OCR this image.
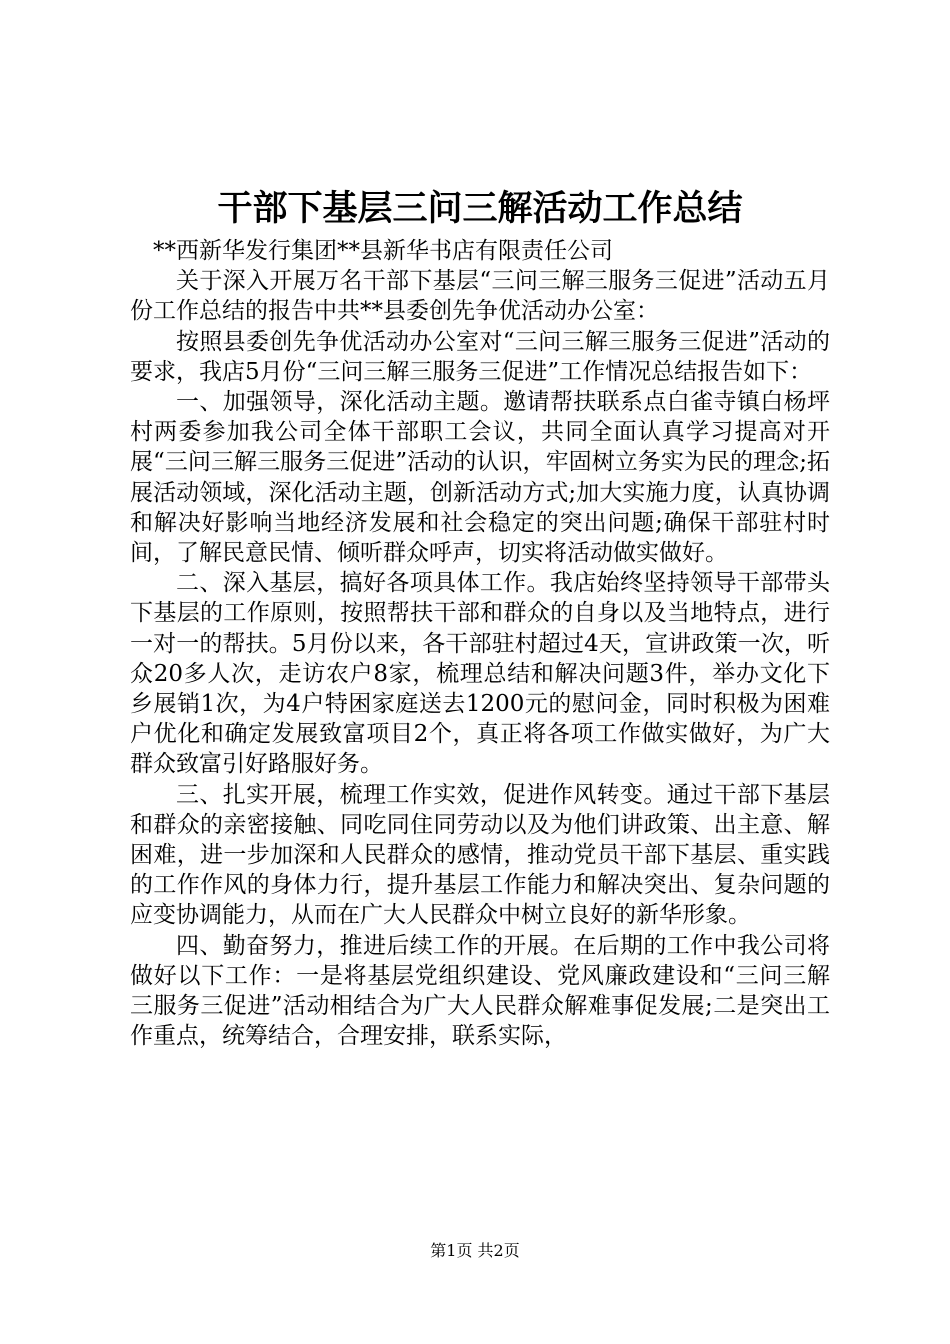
干部下基层三问三解活动工作总结

**西新华发行集团**县新华书店有限责任公司

关于深入开展万名干部下基层“三问三解三服务三促进”活动五月份工作总结的报告中共**县委创先争优活动办公室：

按照县委创先争优活动办公室对“三问三解三服务三促进”活动的要求，我店5月份“三问三解三服务三促进”工作情况总结报告如下：

一、加强领导，深化活动主题。邀请帮扶联系点白雀寺镇白杨坪村两委参加我公司全体干部职工会议，共同全面认真学习提高对开展“三问三解三服务三促进”活动的认识，牢固树立务实为民的理念;拓展活动领域，深化活动主题，创新活动方式;加大实施力度，认真协调和解决好影响当地经济发展和社会稳定的突出问题;确保干部驻村时间，了解民意民情、倾听群众呼声，切实将活动做实做好。

二、深入基层，搞好各项具体工作。我店始终坚持领导干部带头下基层的工作原则，按照帮扶干部和群众的自身以及当地特点，进行一对一的帮扶。5月份以来，各干部驻村超过4天，宣讲政策一次，听众20多人次，走访农户8家，梳理总结和解决问题3件，举办文化下乡展销1次，为4户特困家庭送去1200元的慰问金，同时积极为困难户优化和确定发展致富项目2个，真正将各项工作做实做好，为广大群众致富引好路服好务。

三、扎实开展，梳理工作实效，促进作风转变。通过干部下基层和群众的亲密接触、同吃同住同劳动以及为他们讲政策、出主意、解困难，进一步加深和人民群众的感情，推动党员干部下基层、重实践的工作作风的身体力行，提升基层工作能力和解决突出、复杂问题的应变协调能力，从而在广大人民群众中树立良好的新华形象。

四、勤奋努力，推进后续工作的开展。在后期的工作中我公司将做好以下工作：一是将基层党组织建设、党风廉政建设和“三问三解三服务三促进”活动相结合为广大人民群众解难事促发展;二是突出工作重点，统筹结合，合理安排，联系实际，

第1页 共2页
